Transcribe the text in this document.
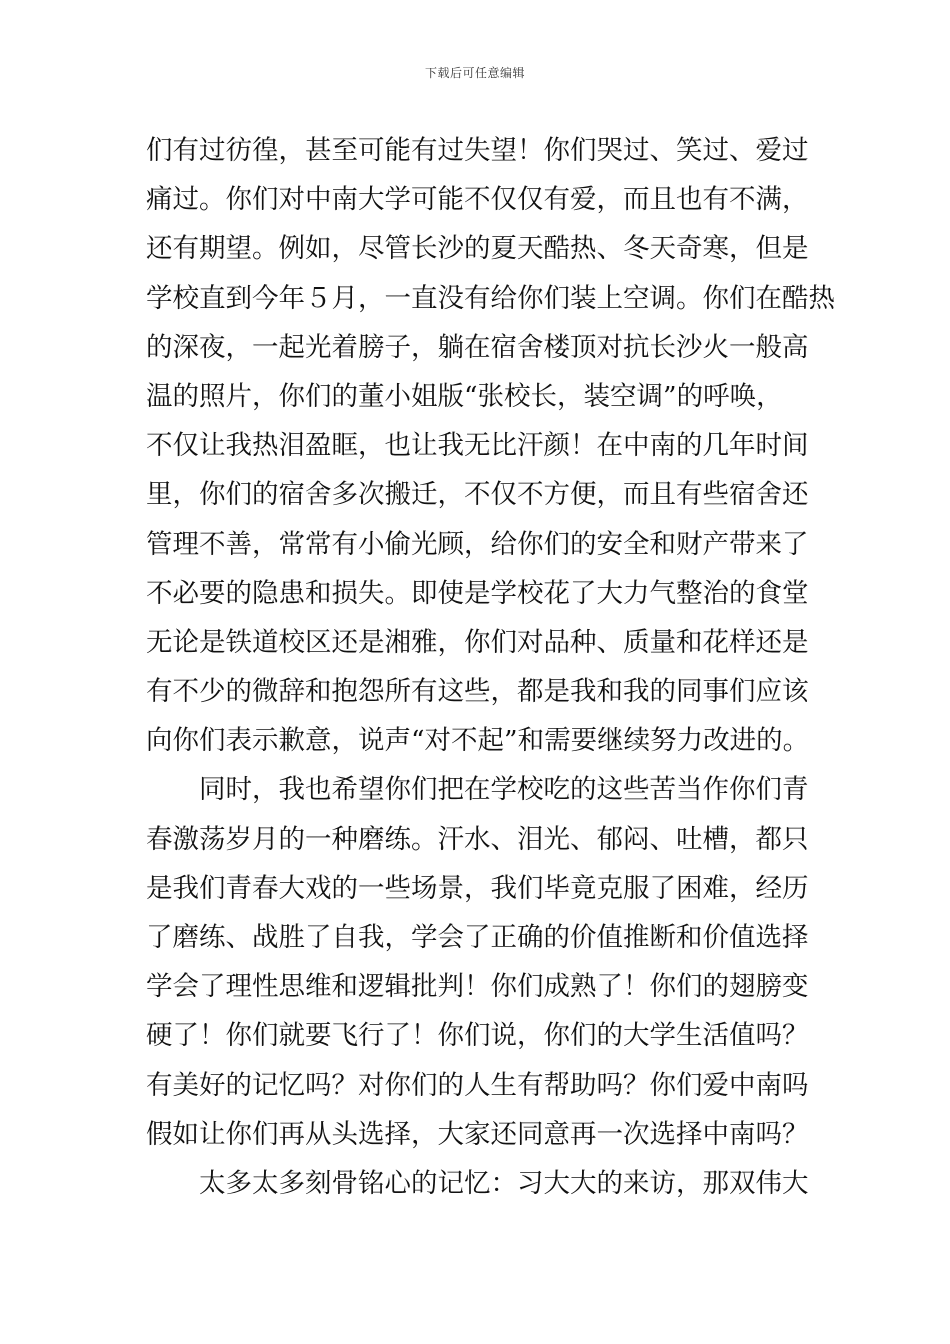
下载后可任意编辑
们有过彷徨，甚至可能有过失望！你们哭过、笑过、爱过
痛过。你们对中南大学可能不仅仅有爱，而且也有不满，
还有期望。例如，尽管长沙的夏天酷热、冬天奇寒，但是
学校直到今年５月，一直没有给你们装上空调。你们在酷热
的深夜，一起光着膀子，躺在宿舍楼顶对抗长沙火一般高
温的照片，你们的董小姐版“张校长，装空调”的呼唤，
不仅让我热泪盈眶，也让我无比汗颜！在中南的几年时间
里，你们的宿舍多次搬迁，不仅不方便，而且有些宿舍还
管理不善，常常有小偷光顾，给你们的安全和财产带来了
不必要的隐患和损失。即使是学校花了大力气整治的食堂
无论是铁道校区还是湘雅，你们对品种、质量和花样还是
有不少的微辞和抱怨所有这些，都是我和我的同事们应该
向你们表示歉意，说声“对不起”和需要继续努力改进的。
同时，我也希望你们把在学校吃的这些苦当作你们青
春激荡岁月的一种磨练。汗水、泪光、郁闷、吐槽，都只
是我们青春大戏的一些场景，我们毕竟克服了困难，经历
了磨练、战胜了自我，学会了正确的价值推断和价值选择
学会了理性思维和逻辑批判！你们成熟了！你们的翅膀变
硬了！你们就要飞行了！你们说，你们的大学生活值吗？
有美好的记忆吗？对你们的人生有帮助吗？你们爱中南吗
假如让你们再从头选择，大家还同意再一次选择中南吗？
太多太多刻骨铭心的记忆：习大大的来访，那双伟大
